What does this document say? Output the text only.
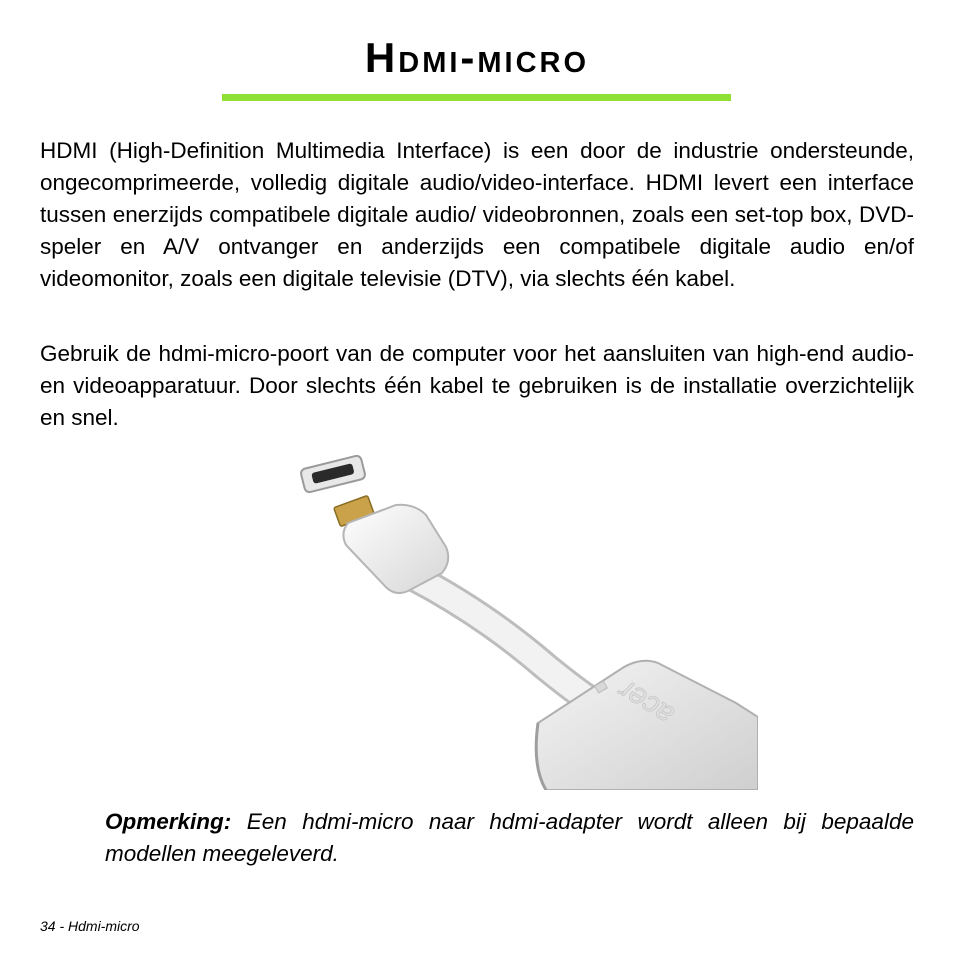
Hdmi-micro

HDMI (High-Definition Multimedia Interface) is een door de industrie ondersteunde, ongecomprimeerde, volledig digitale audio/video-interface. HDMI levert een interface tussen enerzijds compatibele digitale audio/ videobronnen, zoals een set-top box, DVD-speler en A/V ontvanger en anderzijds een compatibele digitale audio en/of videomonitor, zoals een digitale televisie (DTV), via slechts één kabel.

Gebruik de hdmi-micro-poort van de computer voor het aansluiten van high-end audio- en videoapparatuur. Door slechts één kabel te gebruiken is de installatie overzichtelijk en snel.

acer

Opmerking: Een hdmi-micro naar hdmi-adapter wordt alleen bij bepaalde modellen meegeleverd.

34 - Hdmi-micro
